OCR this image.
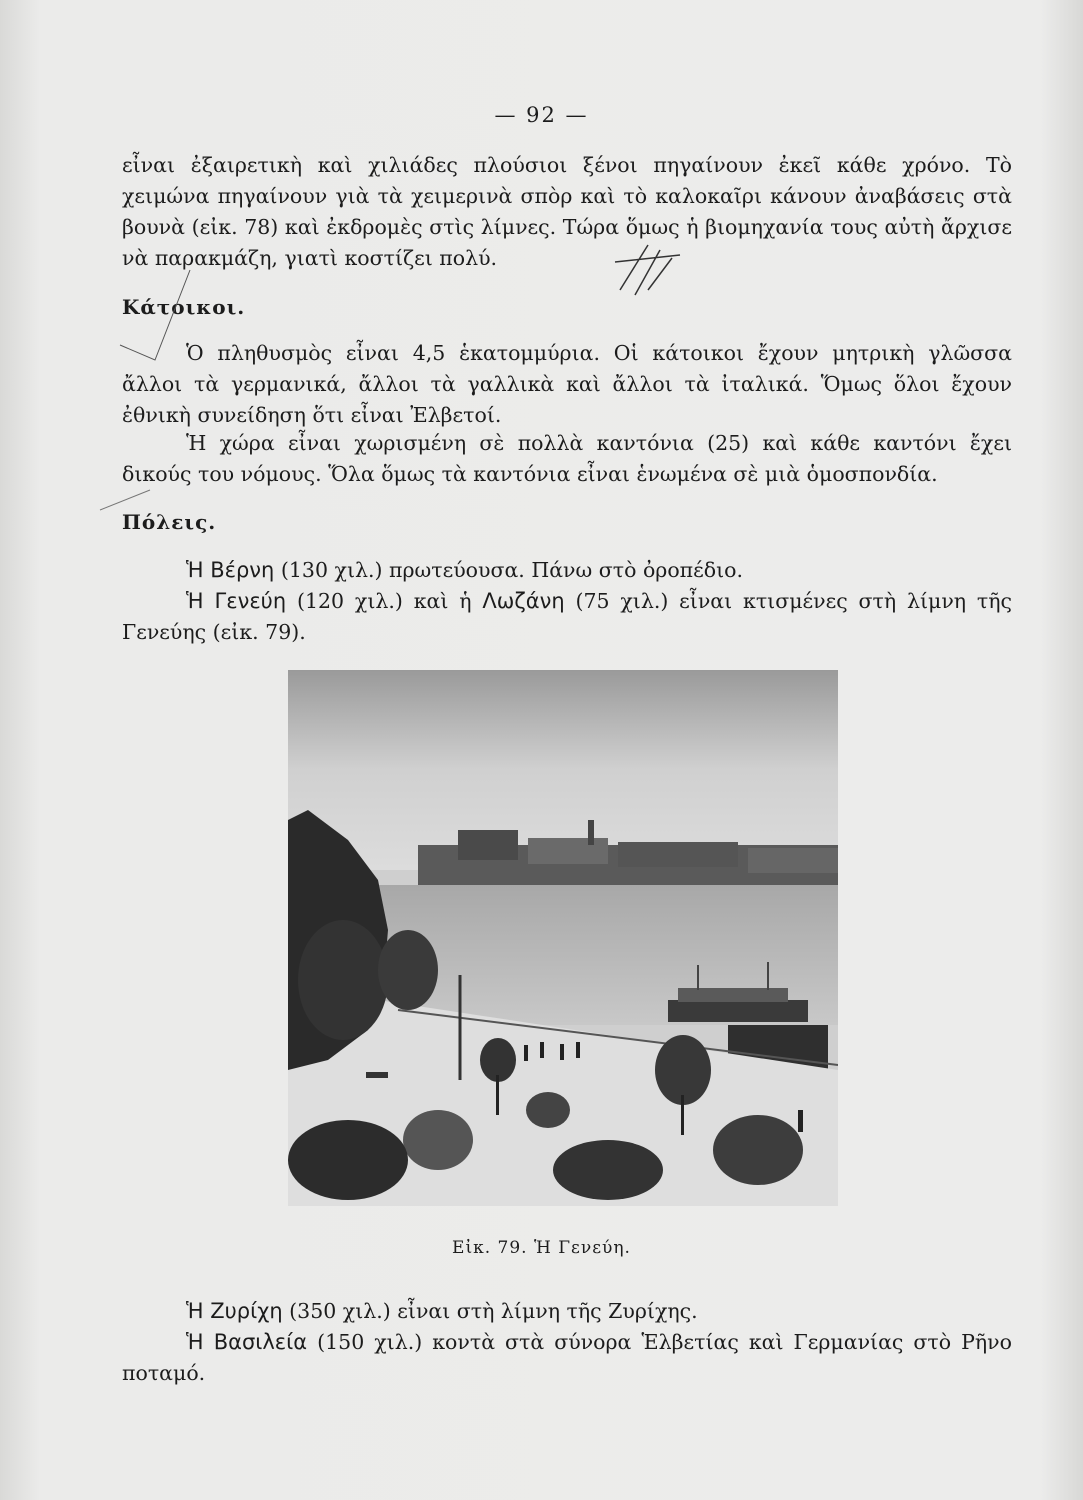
— 92 —
εἶναι ἐξαιρετικὴ καὶ χιλιάδες πλούσιοι ξένοι πηγαίνουν ἐκεῖ κάθε χρόνο. Τὸ χειμώνα πηγαίνουν γιὰ τὰ χειμερινὰ σπὸρ καὶ τὸ καλοκαῖρι κάνουν ἀναβάσεις στὰ βουνὰ (εἰκ. 78) καὶ ἐκδρομὲς στὶς λίμνες. Τώρα ὅμως ἡ βιομηχανία τους αὐτὴ ἄρχισε νὰ παρακμάζη, γιατὶ κοστίζει πολύ.
Κάτοικοι.
Ὁ πληθυσμὸς εἶναι 4,5 ἑκατομμύρια. Οἱ κάτοικοι ἔχουν μητρικὴ γλῶσσα ἄλλοι τὰ γερμανικά, ἄλλοι τὰ γαλλικὰ καὶ ἄλλοι τὰ ἰταλικά. Ὅμως ὅλοι ἔχουν ἐθνικὴ συνείδηση ὅτι εἶναι Ἐλβετοί.
Ἡ χώρα εἶναι χωρισμένη σὲ πολλὰ καντόνια (25) καὶ κάθε καντόνι ἔχει δικούς του νόμους. Ὅλα ὅμως τὰ καντόνια εἶναι ἑνωμένα σὲ μιὰ ὁμοσπονδία.
Πόλεις.
Ἡ Βέρνη (130 χιλ.) πρωτεύουσα. Πάνω στὸ ὀροπέδιο.
Ἡ Γενεύη (120 χιλ.) καὶ ἡ Λωζάνη (75 χιλ.) εἶναι κτισμένες στὴ λίμνη τῆς Γενεύης (εἰκ. 79).
Εἰκ. 79. Ἡ Γενεύη.
Ἡ Ζυρίχη (350 χιλ.) εἶναι στὴ λίμνη τῆς Ζυρίχης.
Ἡ Βασιλεία (150 χιλ.) κοντὰ στὰ σύνορα Ἑλβετίας καὶ Γερμανίας στὸ Ρῆνο ποταμό.
